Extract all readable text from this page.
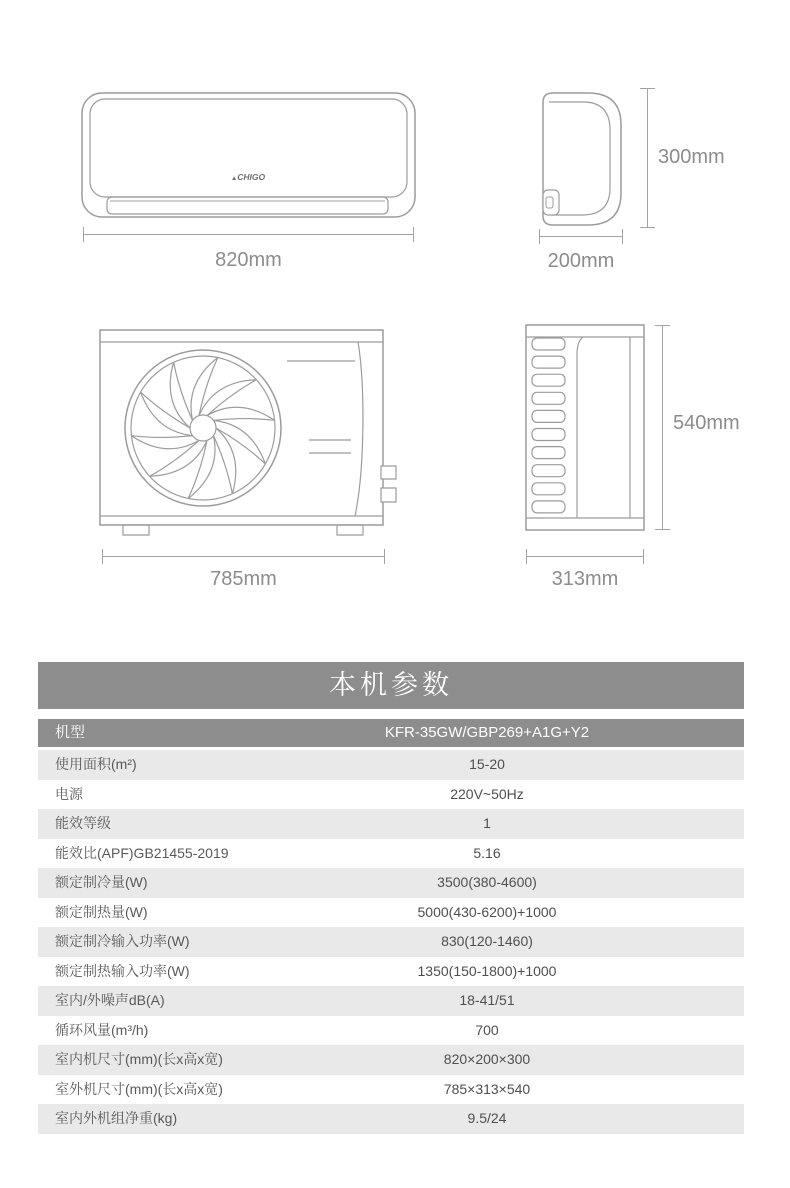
▲CHIGO
820mm
300mm
200mm
785mm
540mm
313mm
本机参数
机型	KFR-35GW/GBP269+A1G+Y2
使用面积(m²)	15-20
电源	220V~50Hz
能效等级	1
能效比(APF)GB21455-2019	5.16
额定制冷量(W)	3500(380-4600)
额定制热量(W)	5000(430-6200)+1000
额定制冷输入功率(W)	830(120-1460)
额定制热输入功率(W)	1350(150-1800)+1000
室内/外噪声dB(A)	18-41/51
循环风量(m³/h)	700
室内机尺寸(mm)(长x高x宽)	820×200×300
室外机尺寸(mm)(长x高x宽)	785×313×540
室内外机组净重(kg)	9.5/24
